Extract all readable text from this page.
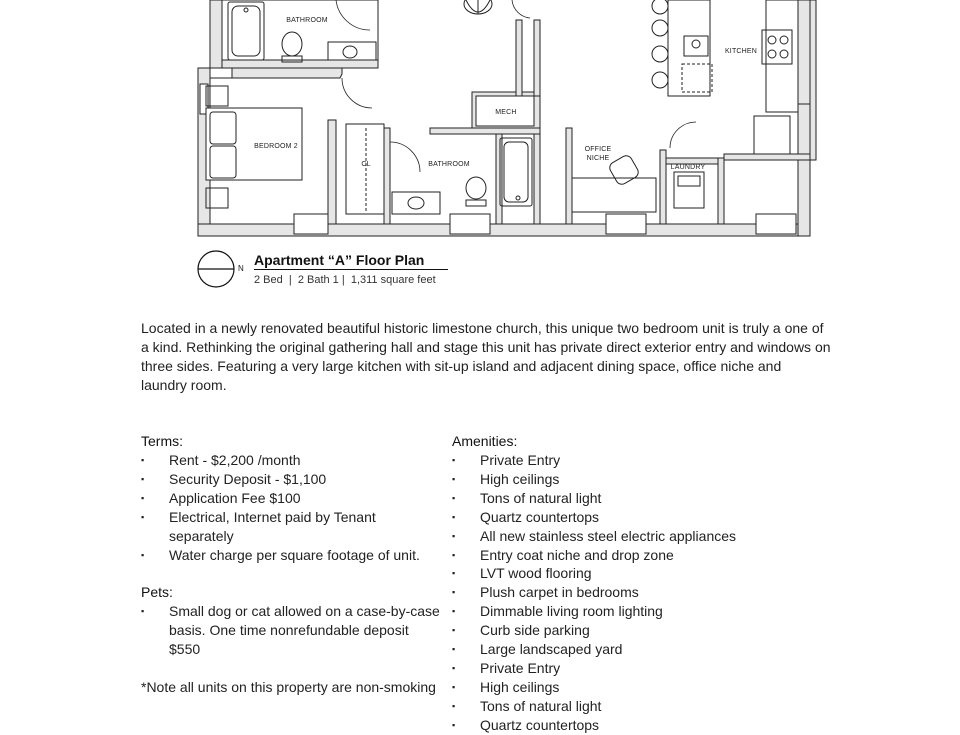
BATHROOM
BEDROOM 2
CL
MECH
BATHROOM
OFFICE
NICHE
LAUNDRY
KITCHEN
N
Apartment “A” Floor Plan
2 Bed  |  2 Bath 1 |  1,311 square feet

Located in a newly renovated beautiful historic limestone church, this unique two bedroom unit is truly a one of a kind. Rethinking the original gathering hall and stage this unit has private direct exterior entry and windows on three sides. Featuring a very large kitchen with sit-up island and adjacent dining space, office niche and laundry room.

Terms:
▪ Rent - $2,200 /month
▪ Security Deposit - $1,100
▪ Application Fee $100
▪ Electrical, Internet paid by Tenant separately
▪ Water charge per square footage of unit.
Pets:
▪ Small dog or cat allowed on a case-by-case basis. One time nonrefundable deposit $550

*Note all units on this property are non-smoking

Amenities:
▪ Private Entry
▪ High ceilings
▪ Tons of natural light
▪ Quartz countertops
▪ All new stainless steel electric appliances
▪ Entry coat niche and drop zone
▪ LVT wood flooring
▪ Plush carpet in bedrooms
▪ Dimmable living room lighting
▪ Curb side parking
▪ Large landscaped yard
▪ Private Entry
▪ High ceilings
▪ Tons of natural light
▪ Quartz countertops
